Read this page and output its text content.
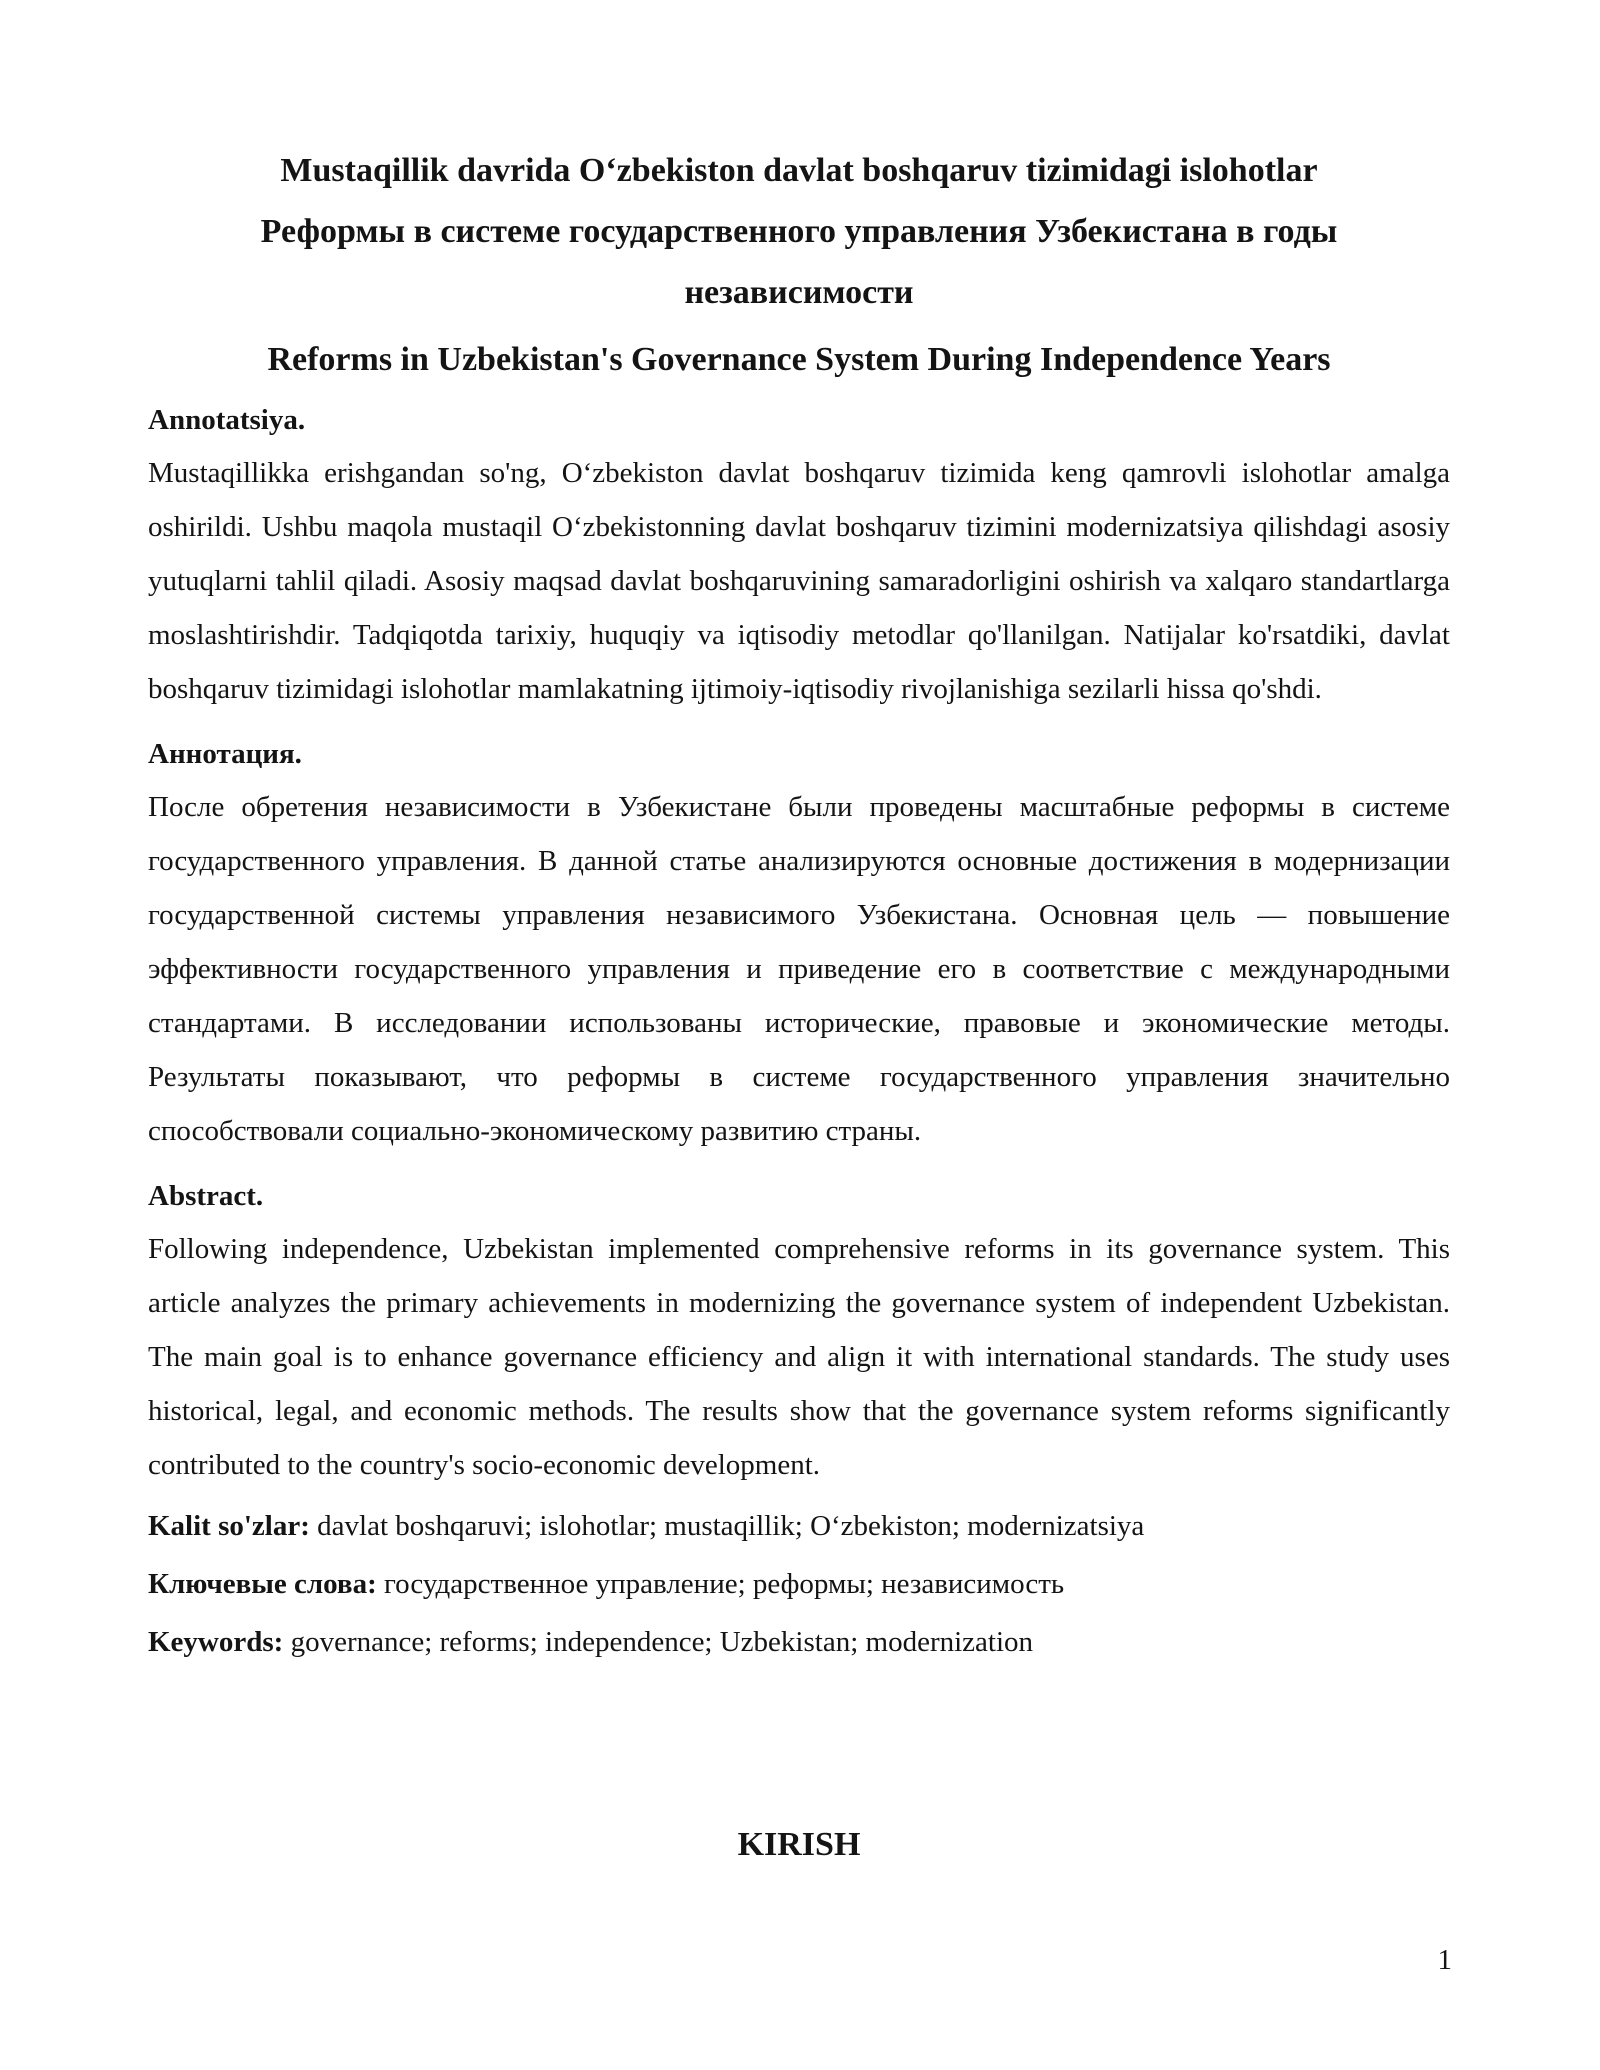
Mustaqillik davrida O‘zbekiston davlat boshqaruv tizimidagi islohotlar
Реформы в системе государственного управления Узбекистана в годы независимости
Reforms in Uzbekistan's Governance System During Independence Years
Annotatsiya.

Mustaqillikka erishgandan so'ng, O‘zbekiston davlat boshqaruv tizimida keng qamrovli islohotlar amalga oshirildi. Ushbu maqola mustaqil O‘zbekistonning davlat boshqaruv tizimini modernizatsiya qilishdagi asosiy yutuqlarni tahlil qiladi. Asosiy maqsad davlat boshqaruvining samaradorligini oshirish va xalqaro standartlarga moslashtirishdir. Tadqiqotda tarixiy, huquqiy va iqtisodiy metodlar qo'llanilgan. Natijalar ko'rsatdiki, davlat boshqaruv tizimidagi islohotlar mamlakatning ijtimoiy-iqtisodiy rivojlanishiga sezilarli hissa qo'shdi.

Аннотация.

После обретения независимости в Узбекистане были проведены масштабные реформы в системе государственного управления. В данной статье анализируются основные достижения в модернизации государственной системы управления независимого Узбекистана. Основная цель — повышение эффективности государственного управления и приведение его в соответствие с международными стандартами. В исследовании использованы исторические, правовые и экономические методы. Результаты показывают, что реформы в системе государственного управления значительно способствовали социально-экономическому развитию страны.

Abstract.

Following independence, Uzbekistan implemented comprehensive reforms in its governance system. This article analyzes the primary achievements in modernizing the governance system of independent Uzbekistan. The main goal is to enhance governance efficiency and align it with international standards. The study uses historical, legal, and economic methods. The results show that the governance system reforms significantly contributed to the country's socio-economic development.

Kalit so'zlar: davlat boshqaruvi; islohotlar; mustaqillik; O‘zbekiston; modernizatsiya

Ключевые слова: государственное управление; реформы; независимость

Keywords: governance; reforms; independence; Uzbekistan; modernization

KIRISH
1
